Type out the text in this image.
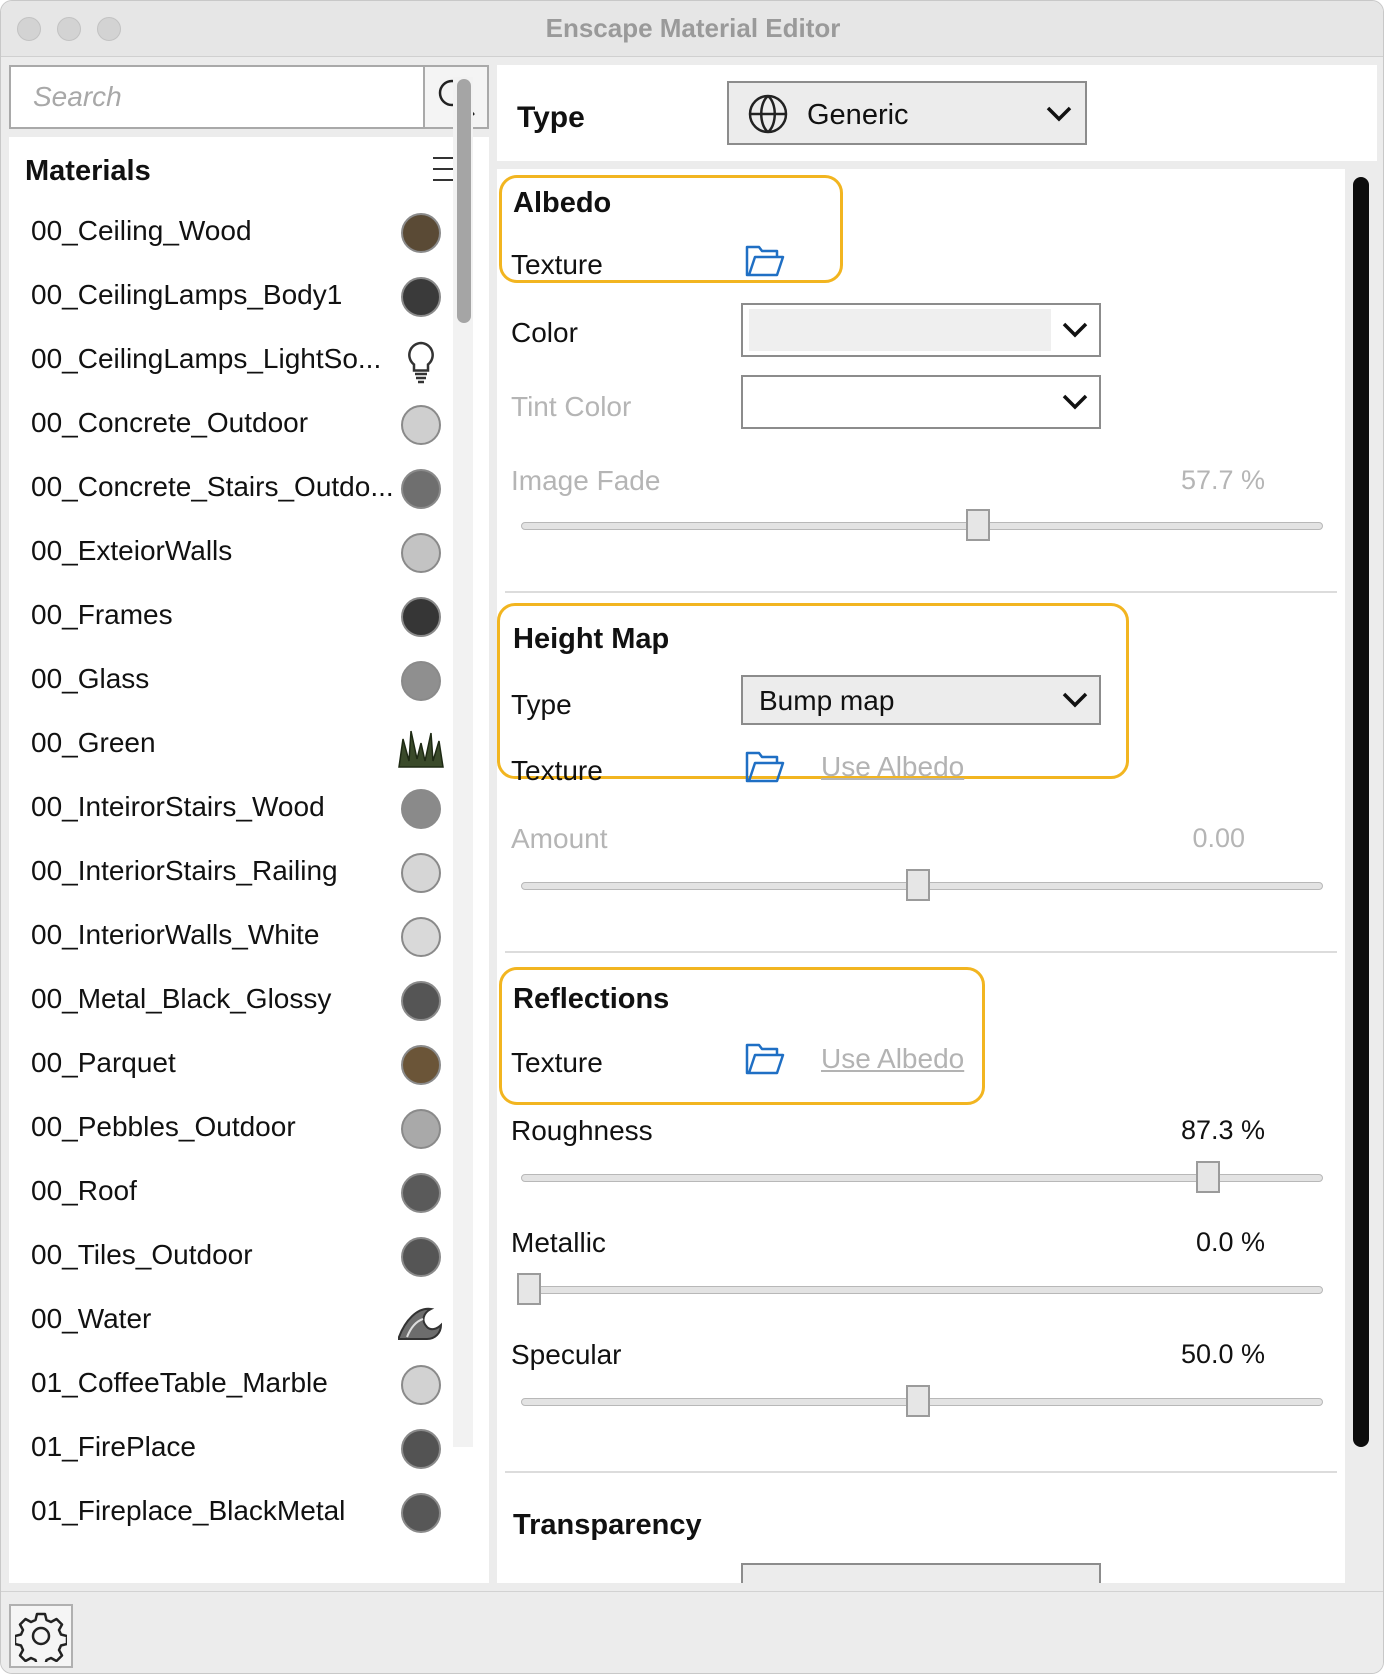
Enscape Material Editor
Search
Materials
00_Ceiling_Wood
00_CeilingLamps_Body1
00_CeilingLamps_LightSo...
00_Concrete_Outdoor
00_Concrete_Stairs_Outdo...
00_ExteiorWalls
00_Frames
00_Glass
00_Green
00_InteirorStairs_Wood
00_InteriorStairs_Railing
00_InteriorWalls_White
00_Metal_Black_Glossy
00_Parquet
00_Pebbles_Outdoor
00_Roof
00_Tiles_Outdoor
00_Water
01_CoffeeTable_Marble
01_FirePlace
01_Fireplace_BlackMetal
Type	Generic
Albedo
Texture
Color
Tint Color
Image Fade	57.7 %
Height Map
Type	Bump map
Texture	Use Albedo
Amount	0.00
Reflections
Texture	Use Albedo
Roughness	87.3 %
Metallic	0.0 %
Specular	50.0 %
Transparency
